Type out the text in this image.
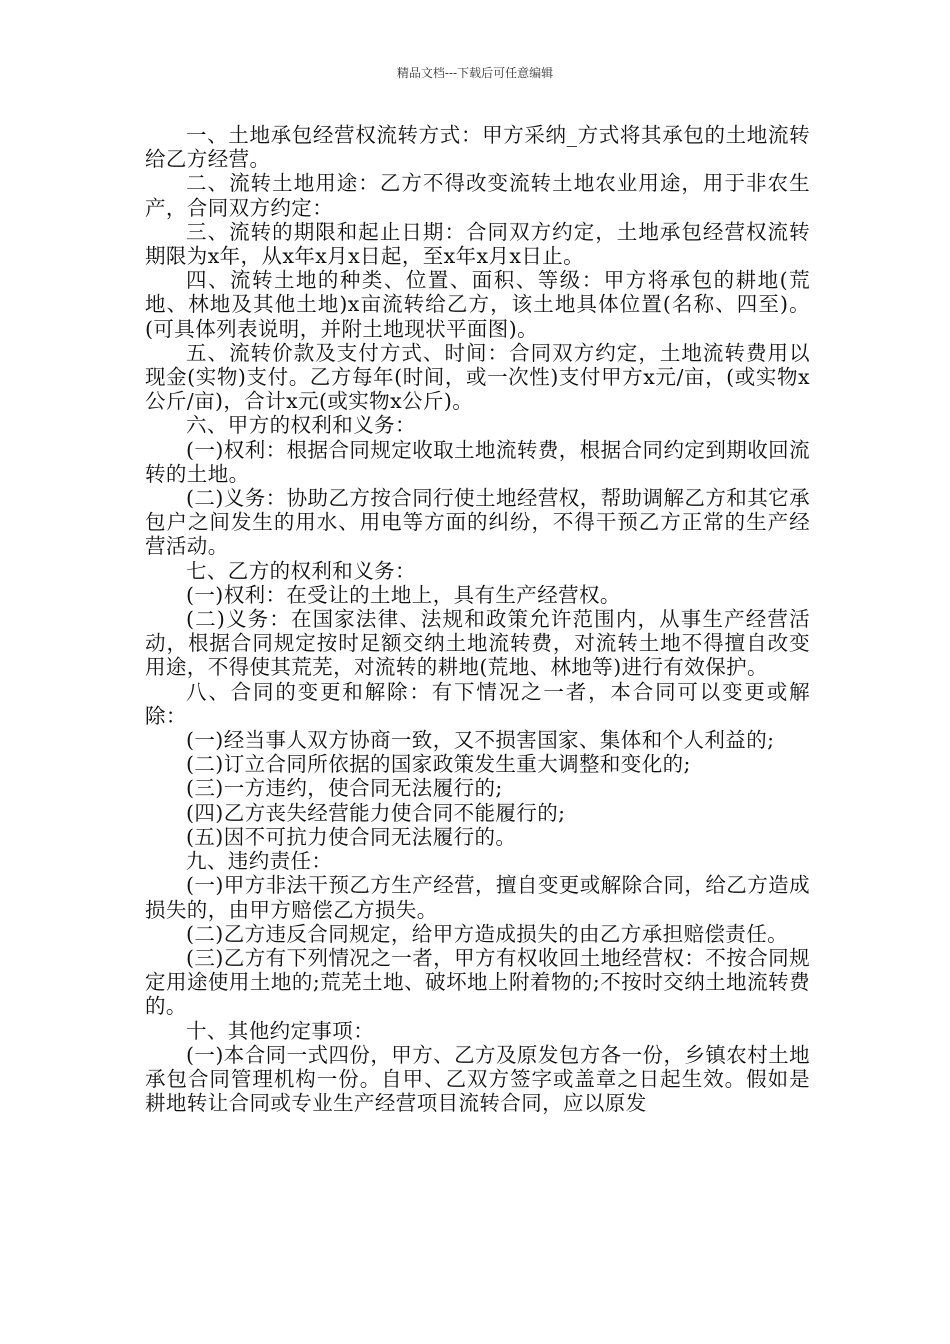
精品文档---下载后可任意编辑

一、土地承包经营权流转方式：甲方采纳_方式将其承包的土地流转给乙方经营。

二、流转土地用途：乙方不得改变流转土地农业用途，用于非农生产，合同双方约定：

三、流转的期限和起止日期：合同双方约定，土地承包经营权流转期限为x年，从x年x月x日起，至x年x月x日止。

四、流转土地的种类、位置、面积、等级：甲方将承包的耕地(荒地、林地及其他土地)x亩流转给乙方，该土地具体位置(名称、四至)。(可具体列表说明，并附土地现状平面图)。

五、流转价款及支付方式、时间：合同双方约定，土地流转费用以现金(实物)支付。乙方每年(时间，或一次性)支付甲方x元/亩，(或实物x公斤/亩)，合计x元(或实物x公斤)。

六、甲方的权利和义务：

(一)权利：根据合同规定收取土地流转费，根据合同约定到期收回流转的土地。

(二)义务：协助乙方按合同行使土地经营权，帮助调解乙方和其它承包户之间发生的用水、用电等方面的纠纷，不得干预乙方正常的生产经营活动。

七、乙方的权利和义务：

(一)权利：在受让的土地上，具有生产经营权。

(二)义务：在国家法律、法规和政策允许范围内，从事生产经营活动，根据合同规定按时足额交纳土地流转费，对流转土地不得擅自改变用途，不得使其荒芜，对流转的耕地(荒地、林地等)进行有效保护。

八、合同的变更和解除：有下情况之一者，本合同可以变更或解除：

(一)经当事人双方协商一致，又不损害国家、集体和个人利益的;

(二)订立合同所依据的国家政策发生重大调整和变化的;

(三)一方违约，使合同无法履行的;

(四)乙方丧失经营能力使合同不能履行的;

(五)因不可抗力使合同无法履行的。

九、违约责任：

(一)甲方非法干预乙方生产经营，擅自变更或解除合同，给乙方造成损失的，由甲方赔偿乙方损失。

(二)乙方违反合同规定，给甲方造成损失的由乙方承担赔偿责任。

(三)乙方有下列情况之一者，甲方有权收回土地经营权：不按合同规定用途使用土地的;荒芜土地、破坏地上附着物的;不按时交纳土地流转费的。

十、其他约定事项：

(一)本合同一式四份，甲方、乙方及原发包方各一份，乡镇农村土地承包合同管理机构一份。自甲、乙双方签字或盖章之日起生效。假如是耕地转让合同或专业生产经营项目流转合同，应以原发
